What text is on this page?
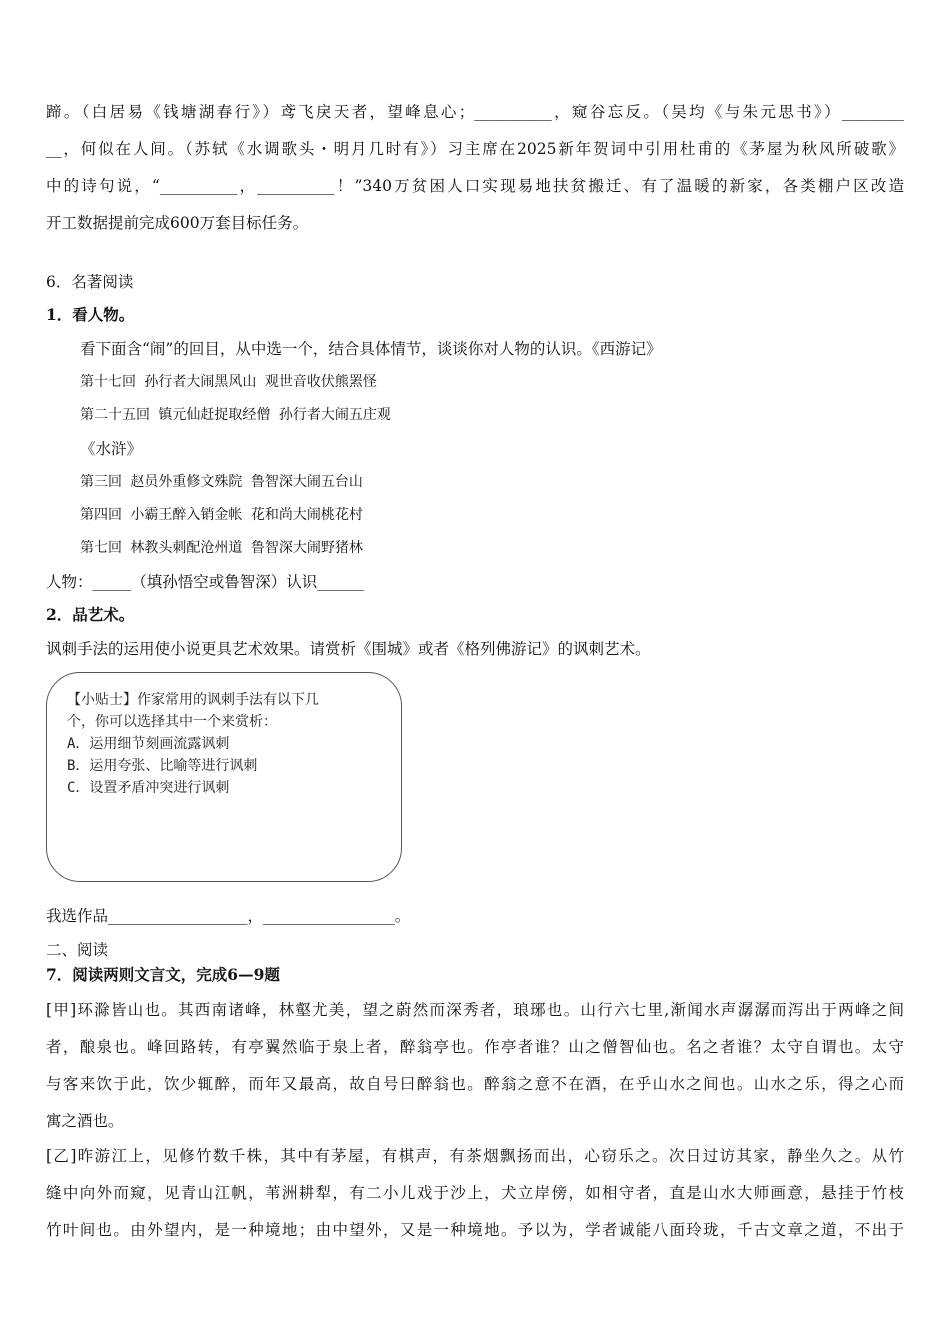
蹄。（白居易《钱塘湖春行》）鸢飞戾天者，望峰息心；__________，窥谷忘反。（吴均《与朱元思书》）________
__，何似在人间。（苏轼《水调歌头・明月几时有》）习主席在2025新年贺词中引用杜甫的《茅屋为秋风所破歌》
中的诗句说，“__________，__________！”340万贫困人口实现易地扶贫搬迁、有了温暖的新家，各类棚户区改造
开工数据提前完成600万套目标任务。
6．名著阅读
1．看人物。
看下面含“闹”的回目，从中选一个，结合具体情节，谈谈你对人物的认识。《西游记》
第十七回 孙行者大闹黑风山 观世音收伏熊罴怪
第二十五回 镇元仙赶捉取经僧 孙行者大闹五庄观
《水浒》
第三回 赵员外重修文殊院 鲁智深大闹五台山
第四回 小霸王醉入销金帐 花和尚大闹桃花村
第七回 林教头刺配沧州道 鲁智深大闹野猪林
人物：_____（填孙悟空或鲁智深）认识______
2．品艺术。
讽刺手法的运用使小说更具艺术效果。请赏析《围城》或者《格列佛游记》的讽刺艺术。
【小贴士】作家常用的讽刺手法有以下几
个，你可以选择其中一个来赏析：
A．运用细节刻画流露讽刺
B．运用夸张、比喻等进行讽刺
C．设置矛盾冲突进行讽刺
我选作品__________________，_________________。
二、阅读
7．阅读两则文言文，完成6—9题
[甲]环滁皆山也。其西南诸峰，林壑尤美，望之蔚然而深秀者，琅琊也。山行六七里,渐闻水声潺潺而泻出于两峰之间
者，酿泉也。峰回路转，有亭翼然临于泉上者，醉翁亭也。作亭者谁？山之僧智仙也。名之者谁？太守自谓也。太守
与客来饮于此，饮少辄醉，而年又最高，故自号曰醉翁也。醉翁之意不在酒，在乎山水之间也。山水之乐，得之心而
寓之酒也。
[乙]昨游江上，见修竹数千株，其中有茅屋，有棋声，有茶烟飘扬而出，心窃乐之。次日过访其家，静坐久之。从竹
缝中向外而窥，见青山江帆，苇洲耕犁，有二小儿戏于沙上，犬立岸傍，如相守者，直是山水大师画意，悬挂于竹枝
竹叶间也。由外望内，是一种境地；由中望外，又是一种境地。予以为，学者诚能八面玲珑，千古文章之道，不出于
